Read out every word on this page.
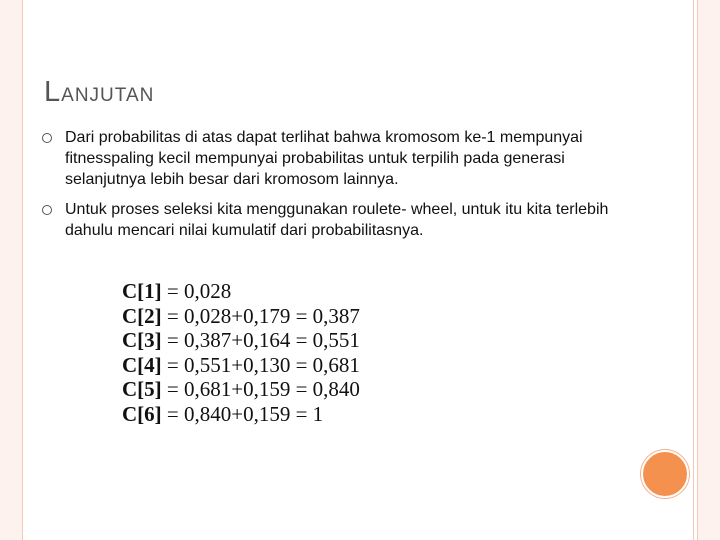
LANJUTAN
Dari probabilitas di atas dapat terlihat bahwa kromosom ke-1 mempunyai fitnesspaling kecil mempunyai probabilitas untuk terpilih pada generasi selanjutnya lebih besar dari kromosom lainnya.
Untuk proses seleksi kita menggunakan roulete- wheel, untuk itu kita terlebih dahulu mencari nilai kumulatif dari probabilitasnya.
C[1] = 0,028
C[2] = 0,028+0,179 = 0,387
C[3] = 0,387+0,164 = 0,551
C[4] = 0,551+0,130 = 0,681
C[5] = 0,681+0,159 = 0,840
C[6] = 0,840+0,159 = 1
